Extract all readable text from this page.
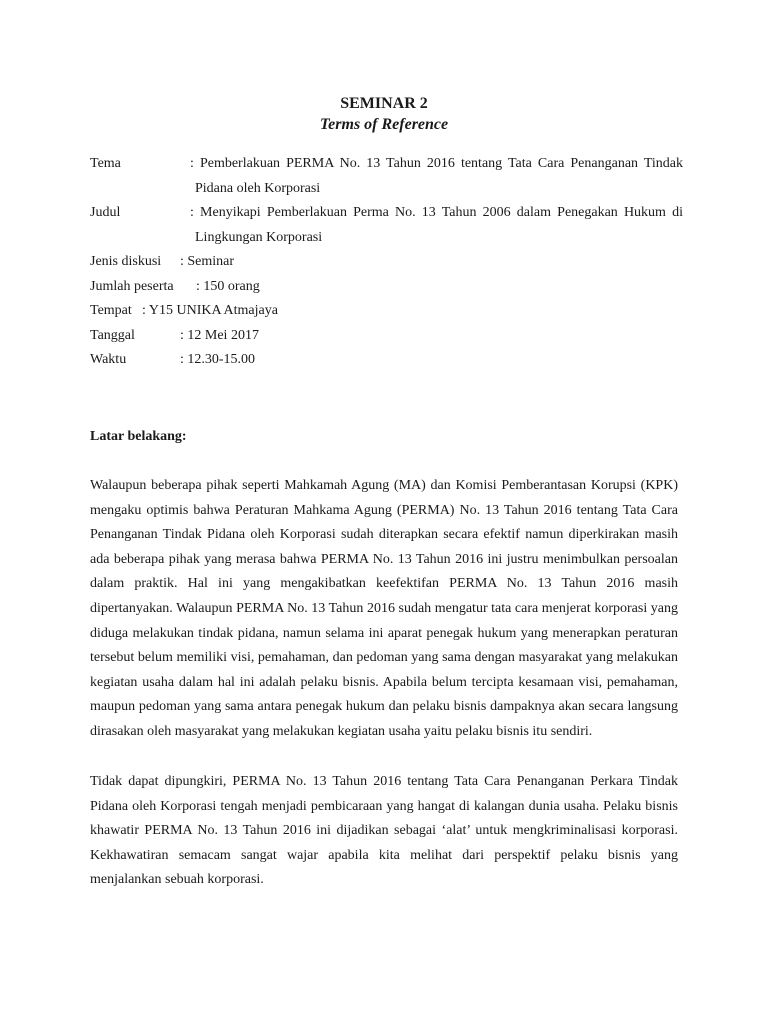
SEMINAR 2
Terms of Reference
Tema	: Pemberlakuan PERMA No. 13 Tahun 2016 tentang Tata Cara Penanganan Tindak Pidana oleh Korporasi
Judul	: Menyikapi Pemberlakuan Perma No. 13 Tahun 2006 dalam Penegakan Hukum di Lingkungan Korporasi
Jenis diskusi : Seminar
Jumlah peserta : 150 orang
Tempat : Y15 UNIKA Atmajaya
Tanggal	: 12 Mei 2017
Waktu	: 12.30-15.00
Latar belakang:

Walaupun beberapa pihak seperti Mahkamah Agung (MA) dan Komisi Pemberantasan Korupsi (KPK) mengaku optimis bahwa Peraturan Mahkama Agung (PERMA) No. 13 Tahun 2016 tentang Tata Cara Penanganan Tindak Pidana oleh Korporasi sudah diterapkan secara efektif namun diperkirakan masih ada beberapa pihak yang merasa bahwa PERMA No. 13 Tahun 2016 ini justru menimbulkan persoalan dalam praktik. Hal ini yang mengakibatkan keefektifan PERMA No. 13 Tahun 2016 masih dipertanyakan. Walaupun PERMA No. 13 Tahun 2016 sudah mengatur tata cara menjerat korporasi yang diduga melakukan tindak pidana, namun selama ini aparat penegak hukum yang menerapkan peraturan tersebut belum memiliki visi, pemahaman, dan pedoman yang sama dengan masyarakat yang melakukan kegiatan usaha dalam hal ini adalah pelaku bisnis. Apabila belum tercipta kesamaan visi, pemahaman, maupun pedoman yang sama antara penegak hukum dan pelaku bisnis dampaknya akan secara langsung dirasakan oleh masyarakat yang melakukan kegiatan usaha yaitu pelaku bisnis itu sendiri.

Tidak dapat dipungkiri, PERMA No. 13 Tahun 2016 tentang Tata Cara Penanganan Perkara Tindak Pidana oleh Korporasi tengah menjadi pembicaraan yang hangat di kalangan dunia usaha. Pelaku bisnis khawatir PERMA No. 13 Tahun 2016 ini dijadikan sebagai ‘alat’ untuk mengkriminalisasi korporasi. Kekhawatiran semacam sangat wajar apabila kita melihat dari perspektif pelaku bisnis yang menjalankan sebuah korporasi.
